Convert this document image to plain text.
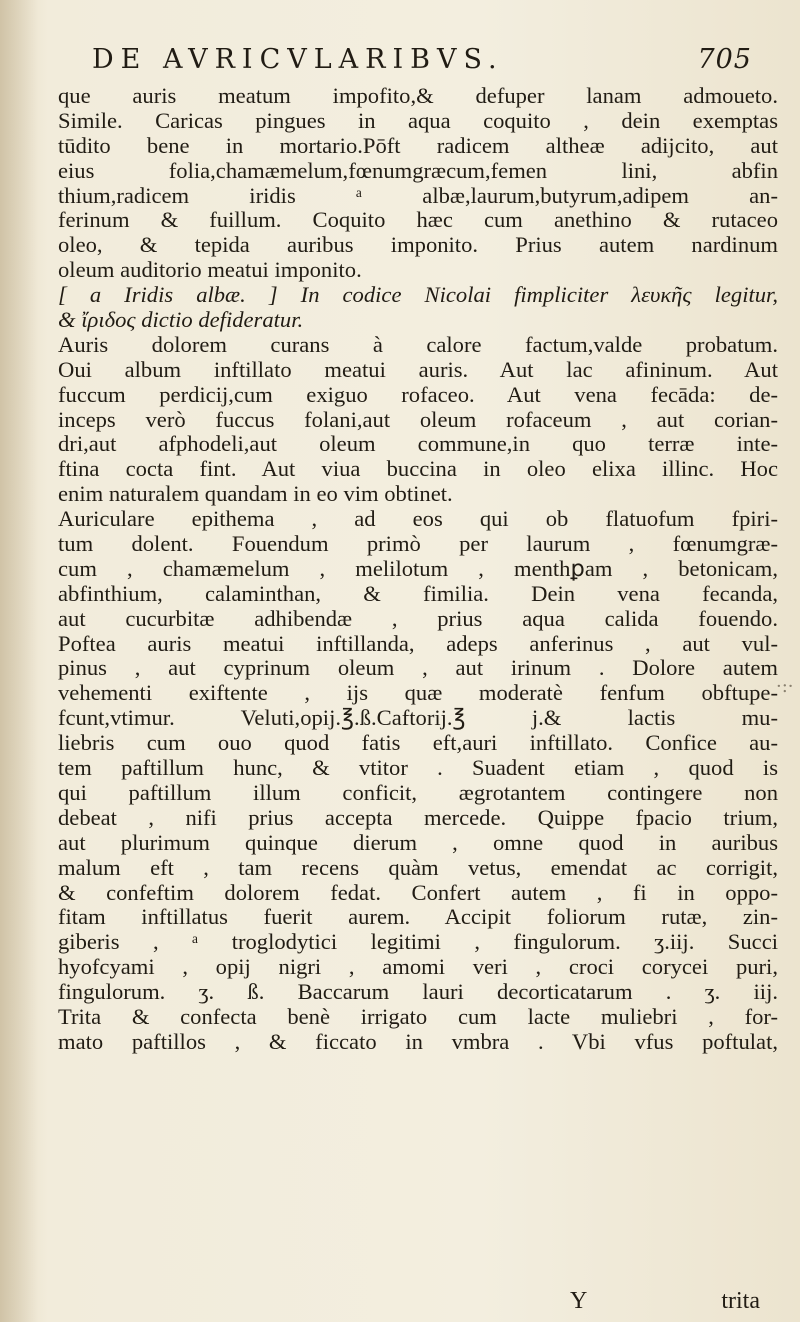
DE AVRICVLARIBVS.	705
que auris meatum impofito,& defuper lanam admoueto.
Simile. Caricas pingues in aqua coquito , dein exemptas
tūdito bene in mortario.Pōft radicem altheæ adijcito, aut
eius folia,chamæmelum,fœnumgræcum,femen lini, abfin
thium,radicem iridis ᵃ albæ,laurum,butyrum,adipem an-
ferinum & fuillum. Coquito hæc cum anethino & rutaceo
oleo, & tepida auribus imponito. Prius autem nardinum
oleum auditorio meatui imponito.
[ a Iridis albæ. ] In codice Nicolai fimpliciter λευκῆς legitur,
& ἴριδος dictio defideratur.
Auris dolorem curans à calore factum,valde probatum.
Oui album inftillato meatui auris. Aut lac afininum. Aut
fuccum perdicij,cum exiguo rofaceo. Aut vena fecāda: de-
inceps verò fuccus folani,aut oleum rofaceum , aut corian-
dri,aut afphodeli,aut oleum commune,in quo terræ inte-
ftina cocta fint. Aut viua buccina in oleo elixa illinc. Hoc
enim naturalem quandam in eo vim obtinet.
Auriculare epithema , ad eos qui ob flatuofum fpiri-
tum dolent. Fouendum primò per laurum , fœnumgræ-
cum , chamæmelum , melilotum , menthꝑam , betonicam,
abfinthium, calaminthan, & fimilia. Dein vena fecanda,
aut cucurbitæ adhibendæ , prius aqua calida fouendo.
Poftea auris meatui inftillanda, adeps anferinus , aut vul-
pinus , aut cyprinum oleum , aut irinum . Dolore autem
vehementi exiftente , ijs quæ moderatè fenfum obftupe-
fcunt,vtimur. Veluti,opij.℥.ß.Caftorij.℥ j.& lactis mu-
liebris cum ouo quod fatis eft,auri inftillato. Confice au-
tem paftillum hunc, & vtitor . Suadent etiam , quod is
qui paftillum illum conficit, ægrotantem contingere non
debeat , nifi prius accepta mercede. Quippe fpacio trium,
aut plurimum quinque dierum , omne quod in auribus
malum eft , tam recens quàm vetus, emendat ac corrigit,
& confeftim dolorem fedat. Confert autem , fi in oppo-
fitam inftillatus fuerit aurem. Accipit foliorum rutæ, zin-
giberis , ᵃ troglodytici legitimi , fingulorum. ʒ.iij. Succi
hyofcyami , opij nigri , amomi veri , croci corycei puri,
fingulorum. ʒ. ß. Baccarum lauri decorticatarum . ʒ. iij.
Trita & confecta benè irrigato cum lacte muliebri , for-
mato paftillos , & ficcato in vmbra . Vbi vfus poftulat,
Y	trita
·:·
